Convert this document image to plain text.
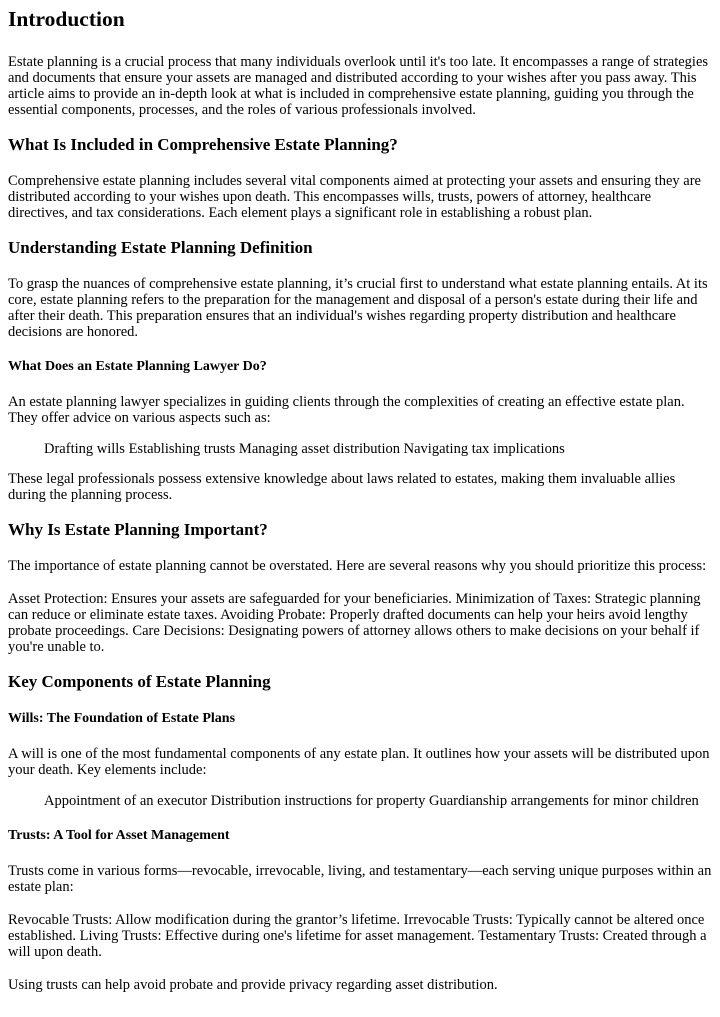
Introduction

Estate planning is a crucial process that many individuals overlook until it's too late. It encompasses a range of strategies and documents that ensure your assets are managed and distributed according to your wishes after you pass away. This article aims to provide an in-depth look at what is included in comprehensive estate planning, guiding you through the essential components, processes, and the roles of various professionals involved.

What Is Included in Comprehensive Estate Planning?

Comprehensive estate planning includes several vital components aimed at protecting your assets and ensuring they are distributed according to your wishes upon death. This encompasses wills, trusts, powers of attorney, healthcare directives, and tax considerations. Each element plays a significant role in establishing a robust plan.

Understanding Estate Planning Definition

To grasp the nuances of comprehensive estate planning, it’s crucial first to understand what estate planning entails. At its core, estate planning refers to the preparation for the management and disposal of a person's estate during their life and after their death. This preparation ensures that an individual's wishes regarding property distribution and healthcare decisions are honored.

What Does an Estate Planning Lawyer Do?

An estate planning lawyer specializes in guiding clients through the complexities of creating an effective estate plan. They offer advice on various aspects such as:

Drafting wills Establishing trusts Managing asset distribution Navigating tax implications

These legal professionals possess extensive knowledge about laws related to estates, making them invaluable allies during the planning process.

Why Is Estate Planning Important?

The importance of estate planning cannot be overstated. Here are several reasons why you should prioritize this process:

Asset Protection: Ensures your assets are safeguarded for your beneficiaries. Minimization of Taxes: Strategic planning can reduce or eliminate estate taxes. Avoiding Probate: Properly drafted documents can help your heirs avoid lengthy probate proceedings. Care Decisions: Designating powers of attorney allows others to make decisions on your behalf if you're unable to.

Key Components of Estate Planning
Wills: The Foundation of Estate Plans

A will is one of the most fundamental components of any estate plan. It outlines how your assets will be distributed upon your death. Key elements include:

Appointment of an executor Distribution instructions for property Guardianship arrangements for minor children

Trusts: A Tool for Asset Management

Trusts come in various forms—revocable, irrevocable, living, and testamentary—each serving unique purposes within an estate plan:

Revocable Trusts: Allow modification during the grantor’s lifetime. Irrevocable Trusts: Typically cannot be altered once established. Living Trusts: Effective during one's lifetime for asset management. Testamentary Trusts: Created through a will upon death.

Using trusts can help avoid probate and provide privacy regarding asset distribution.
